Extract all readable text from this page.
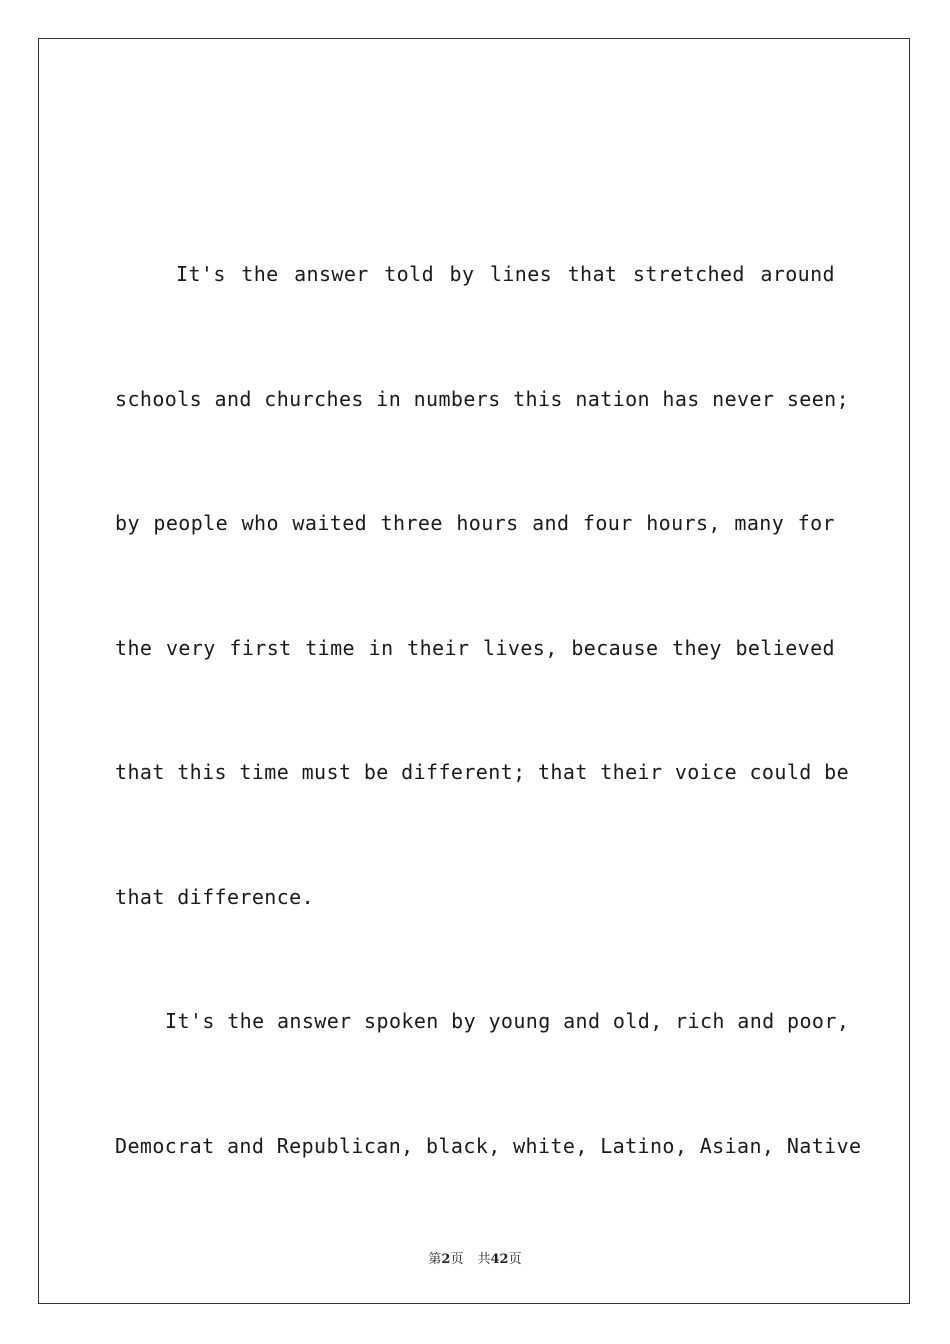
It's the answer told by lines that stretched around

schools and churches in numbers this nation has never seen;

by people who waited three hours and four hours, many for

the very first time in their lives, because they believed

that this time must be different; that their voice could be

that difference.

It's the answer spoken by young and old, rich and poor,

Democrat and Republican, black, white, Latino, Asian, Native

第2页 共42页
